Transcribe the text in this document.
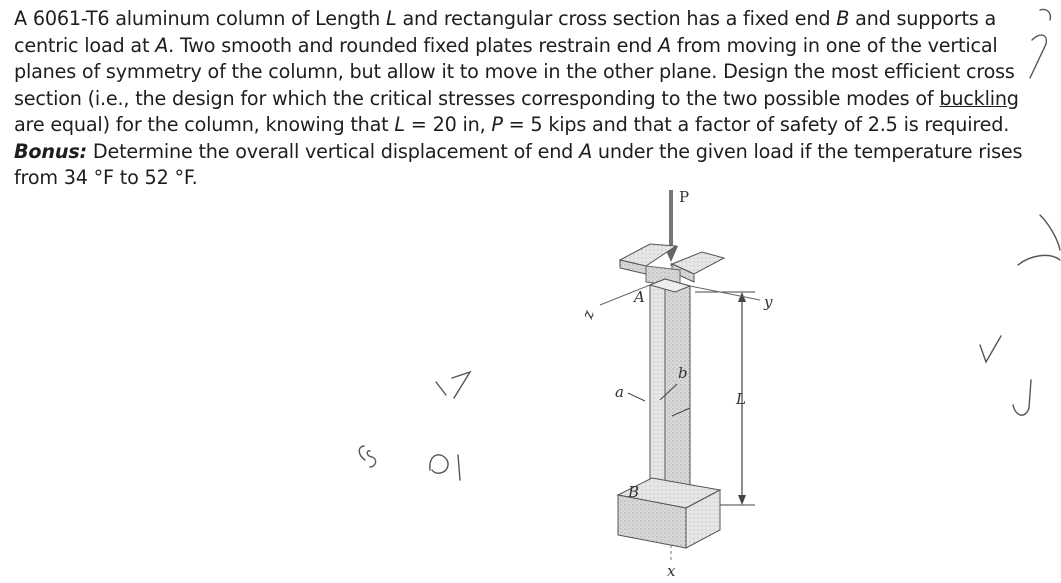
A 6061-T6 aluminum column of Length L and rectangular cross section has a fixed end B and supports a centric load at A. Two smooth and rounded fixed plates restrain end A from moving in one of the vertical planes of symmetry of the column, but allow it to move in the other plane. Design the most efficient cross section (i.e., the design for which the critical stresses corresponding to the two possible modes of buckling are equal) for the column, knowing that L = 20 in, P = 5 kips and that a factor of safety of 2.5 is required. Bonus: Determine the overall vertical displacement of end A under the given load if the temperature rises from 34 °F to 52 °F.

P
L
y
z
a
b
A
B
x
